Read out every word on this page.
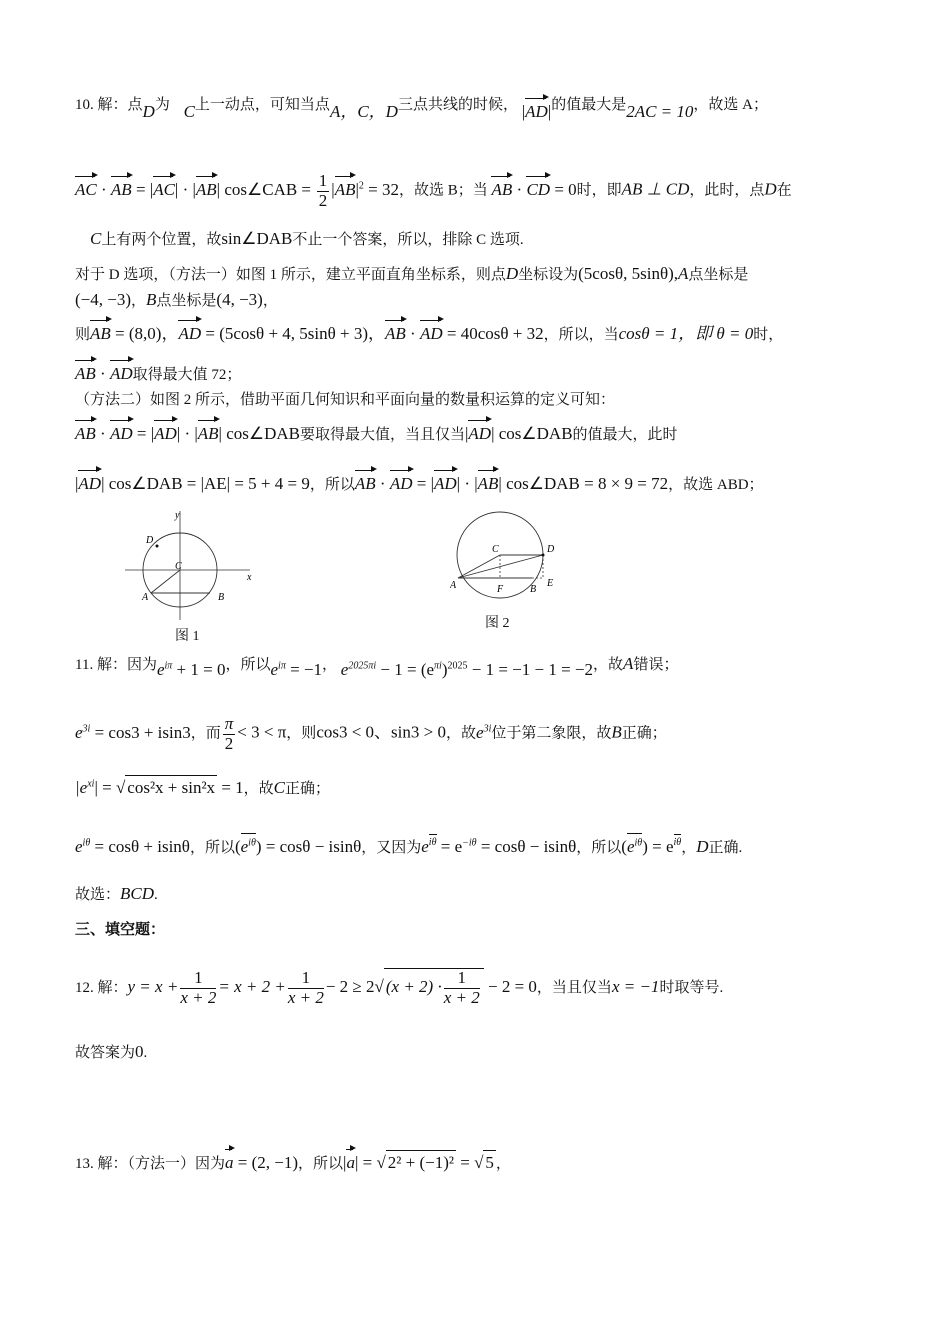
10. 解：点D为 C上一动点，可知当点A，C，D三点共线的时候， |AD|的值最大是2AC = 10，故选 A；
AC · AB = |AC| · |AB| cos∠CAB = $\frac{1}{2} |AB|^2 = 32$，故选 B；当 AB · CD = 0时，即AB ⊥ CD，此时，点D在
C上有两个位置，故sin∠DAB不止一个答案，所以，排除 C 选项.
对于 D 选项，（方法一）如图 1 所示，建立平面直角坐标系，则点D坐标设为(5cosθ, 5sinθ),A点坐标是
(−4, −3)，B点坐标是(4, −3)，
则AB = (8,0)，AD = (5cosθ + 4, 5sinθ + 3)，AB · AD = 40cosθ + 32，所以，当cosθ = 1，即 θ = 0时，
AB · AD取得最大值 72；
（方法二）如图 2 所示，借助平面几何知识和平面向量的数量积运算的定义可知：
AB · AD = |AD| · |AB| cos∠DAB要取得最大值，当且仅当|AD| cos∠DAB的值最大，此时
|AD| cos∠DAB = |AE| = 5 + 4 = 9，所以AB · AD = |AD| · |AB| cos∠DAB = 8 × 9 = 72，故选 ABD；
y
x
D
C
A	B
图 1
C	D
A	F	B
E
图 2
11. 解：因为$e^{i\pi} + 1 = 0$，所以$e^{i\pi} = -1$， $e^{2025\pi i} - 1 = (e^{\pi i})^{2025} - 1 = -1 - 1 = -2$，故A错误；
$e^{3i} = \cos 3 + isin3$，而 $\frac{\pi}{2} < 3 < \pi$，则cos3 < 0、sin3 > 0，故$e^{3i}$位于第二象限，故B正确；
$|e^{xi}|$ = √ cos²x + sin²x = 1，故C正确；
$e^{i\theta} = \cos\theta + isin\theta$，所以$(e^{i\theta}) = \cos\theta - isin\theta$，又因为$e^{i\theta} = e^{-i\theta} = \cos\theta - isin\theta$，所以$(e^{i\theta}) = e^{i\theta}$，D正确.
故选：BCD.
三、填空题：
12. 解：$y = x + \frac{1}{x + 2} = x + 2 + \frac{1}{x + 2} - 2 \ge 2√$ $(x + 2) \cdot \frac{1}{x + 2} - 2 = 0$，当且仅当x = −1时取等号.
故答案为0.
13. 解：（方法一）因为a = (2, −1)，所以|a| = √ 2² + (−1)² = √ 5 ，
